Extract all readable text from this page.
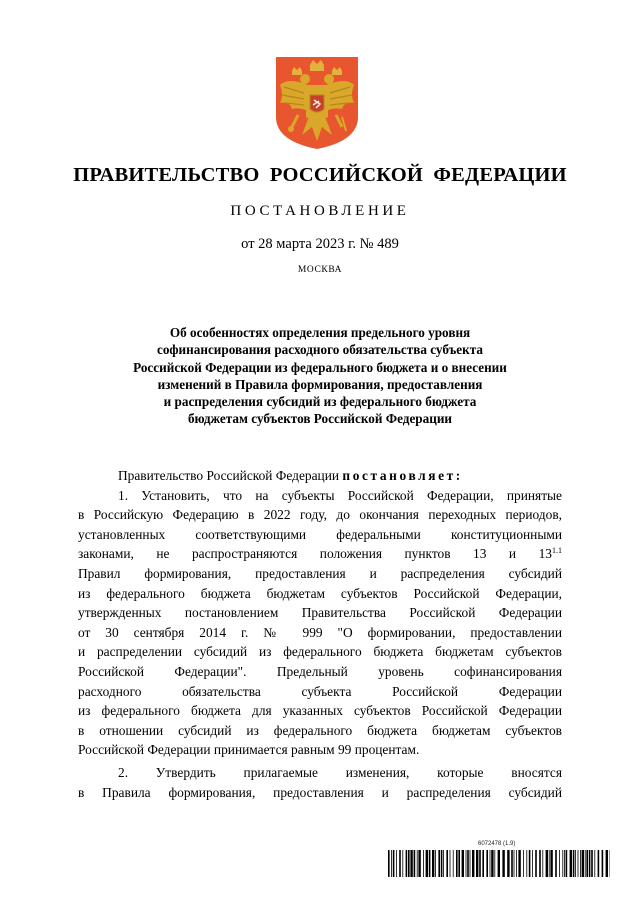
ПРАВИТЕЛЬСТВО РОССИЙСКОЙ ФЕДЕРАЦИИ
ПОСТАНОВЛЕНИЕ
от 28 марта 2023 г. № 489
МОСКВА
Об особенностях определения предельного уровня
софинансирования расходного обязательства субъекта
Российской Федерации из федерального бюджета и о внесении
изменений в Правила формирования, предоставления
и распределения субсидий из федерального бюджета
бюджетам субъектов Российской Федерации
Правительство Российской Федерации постановляет:
1. Установить, что на субъекты Российской Федерации, принятые
в Российскую Федерацию в 2022 году, до окончания переходных периодов,
установленных соответствующими федеральными конституционными
законами, не распространяются положения пунктов 13 и $13^{1.1}$
Правил формирования, предоставления и распределения субсидий
из федерального бюджета бюджетам субъектов Российской Федерации,
утвержденных постановлением Правительства Российской Федерации
от 30 сентября 2014 г. № 999 "О формировании, предоставлении
и распределении субсидий из федерального бюджета бюджетам субъектов
Российской Федерации". Предельный уровень софинансирования
расходного обязательства субъекта Российской Федерации
из федерального бюджета для указанных субъектов Российской Федерации
в отношении субсидий из федерального бюджета бюджетам субъектов
Российской Федерации принимается равным 99 процентам.
2. Утвердить прилагаемые изменения, которые вносятся
в Правила формирования, предоставления и распределения субсидий
6072478 (1.9)
